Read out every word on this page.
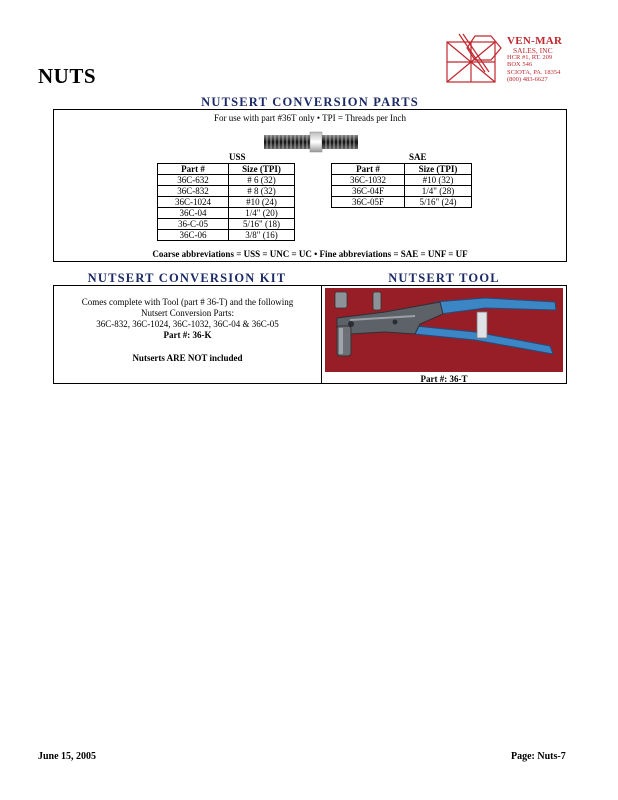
NUTS
VEN-MAR
SALES, INC
HCR #1, RT. 209
BOX 546
SCIOTA, PA. 18354
(800) 483-6627
NUTSERT CONVERSION PARTS
For use with part #36T only • TPI = Threads per Inch
USS	SAE
Part #	Size (TPI)
36C-632	# 6 (32)
36C-832	# 8 (32)
36C-1024	#10 (24)
36C-04	1/4" (20)
36-C-05	5/16" (18)
36C-06	3/8" (16)
Part #	Size (TPI)
36C-1032	#10 (32)
36C-04F	1/4" (28)
36C-05F	5/16" (24)
Coarse abbreviations = USS = UNC = UC • Fine abbreviations = SAE = UNF = UF
NUTSERT CONVERSION KIT	NUTSERT TOOL
Comes complete with Tool (part # 36-T) and the following
Nutsert Conversion Parts:
36C-832, 36C-1024, 36C-1032, 36C-04 & 36C-05
Part #: 36-K
Nutserts ARE NOT included
Part #: 36-T
June 15, 2005	Page: Nuts-7
